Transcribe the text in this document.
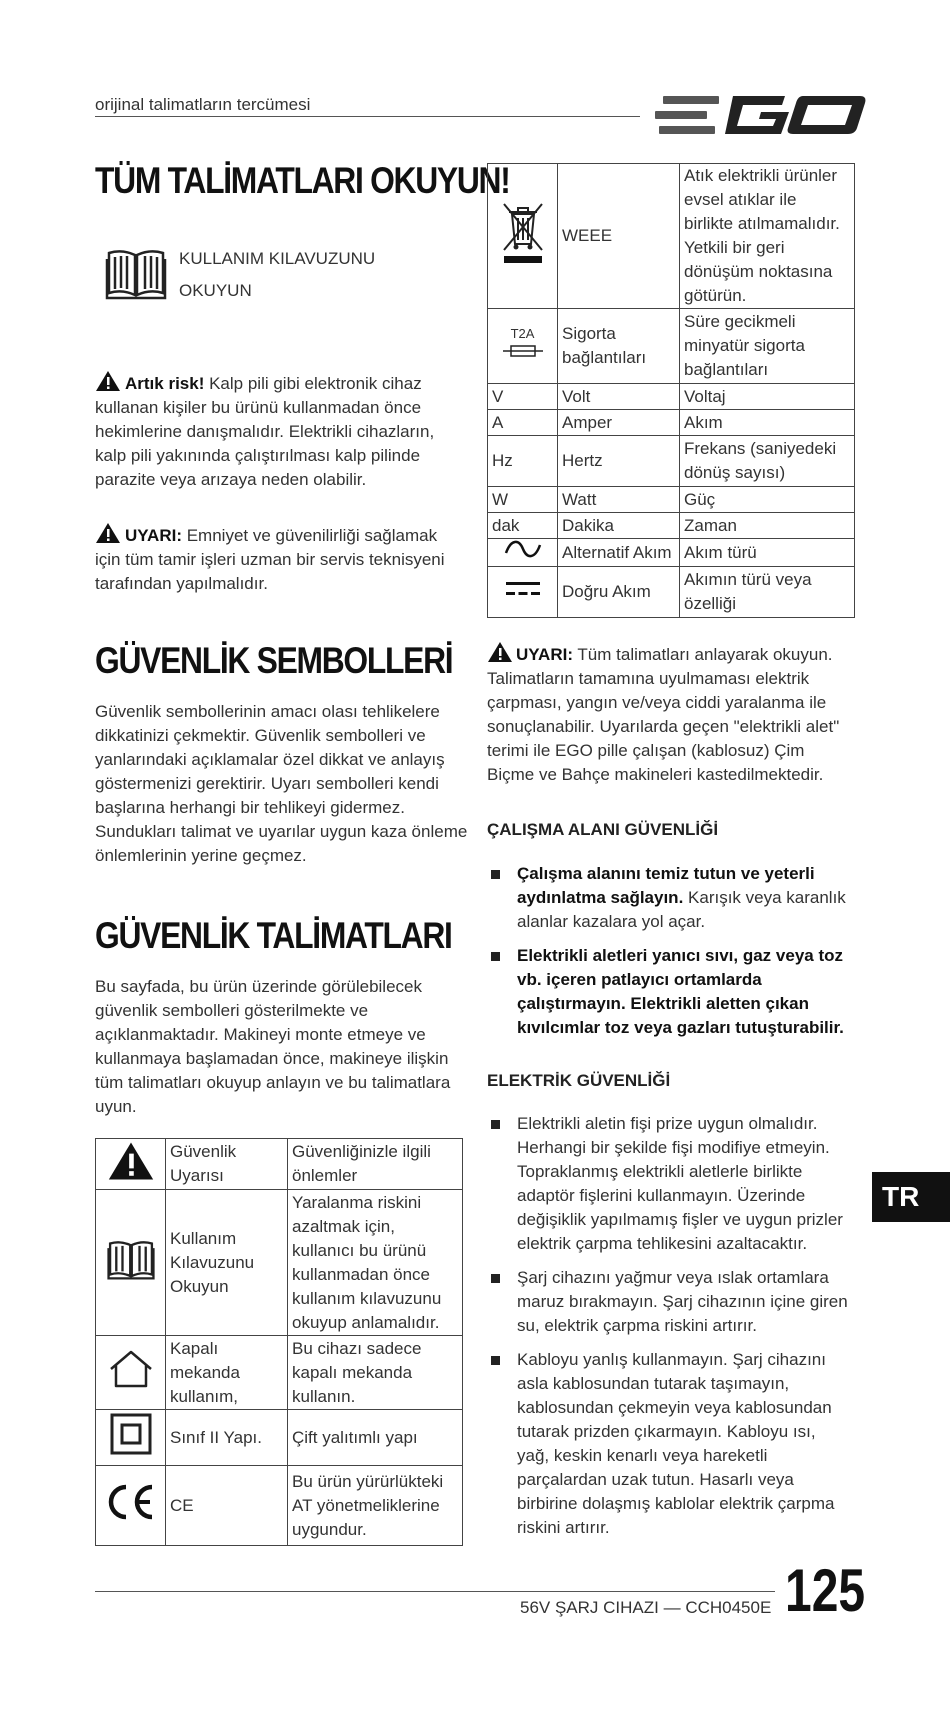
orijinal talimatların tercümesi
TÜM TALİMATLARI OKUYUN!
KULLANIM KILAVUZUNU
OKUYUN
Artık risk! Kalp pili gibi elektronik cihaz kullanan kişiler bu ürünü kullanmadan önce hekimlerine danışmalıdır. Elektrikli cihazların, kalp pili yakınında çalıştırılması kalp pilinde parazite veya arızaya neden olabilir.
UYARI: Emniyet ve güvenilirliği sağlamak için tüm tamir işleri uzman bir servis teknisyeni tarafından yapılmalıdır.
GÜVENLİK SEMBOLLERİ
Güvenlik sembollerinin amacı olası tehlikelere dikkatinizi çekmektir. Güvenlik sembolleri ve yanlarındaki açıklamalar özel dikkat ve anlayış göstermenizi gerektirir. Uyarı sembolleri kendi başlarına herhangi bir tehlikeyi gidermez. Sundukları talimat ve uyarılar uygun kaza önleme önlemlerinin yerine geçmez.
GÜVENLİK TALİMATLARI
Bu sayfada, bu ürün üzerinde görülebilecek güvenlik sembolleri gösterilmekte ve açıklanmaktadır. Makineyi monte etmeye ve kullanmaya başlamadan önce, makineye ilişkin tüm talimatları okuyup anlayın ve bu talimatlara uyun.
	Güvenlik Uyarısı	Güvenliğinizle ilgili önlemler
	Kullanım Kılavuzunu Okuyun	Yaralanma riskini azaltmak için, kullanıcı bu ürünü kullanmadan önce kullanım kılavuzunu okuyup anlamalıdır.
	Kapalı mekanda kullanım,	Bu cihazı sadece kapalı mekanda kullanın.
	Sınıf II Yapı.	Çift yalıtımlı yapı
	CE	Bu ürün yürürlükteki AT yönetmeliklerine uygundur.
	WEEE	Atık elektrikli ürünler evsel atıklar ile birlikte atılmamalıdır. Yetkili bir geri dönüşüm noktasına götürün.

T2A	Sigorta bağlantıları	Süre gecikmeli minyatür sigorta bağlantıları
V	Volt	Voltaj
A	Amper	Akım
Hz	Hertz	Frekans (saniyedeki dönüş sayısı)
W	Watt	Güç
dak	Dakika	Zaman
	Alternatif Akım	Akım türü
	Doğru Akım	Akımın türü veya özelliği
UYARI: Tüm talimatları anlayarak okuyun. Talimatların tamamına uyulmaması elektrik çarpması, yangın ve/veya ciddi yaralanma ile sonuçlanabilir. Uyarılarda geçen "elektrikli alet" terimi ile EGO pille çalışan (kablosuz) Çim Biçme ve Bahçe makineleri kastedilmektedir.
ÇALIŞMA ALANI GÜVENLİĞİ
Çalışma alanını temiz tutun ve yeterli aydınlatma sağlayın. Karışık veya karanlık alanlar kazalara yol açar.
Elektrikli aletleri yanıcı sıvı, gaz veya toz vb. içeren patlayıcı ortamlarda çalıştırmayın. Elektrikli aletten çıkan kıvılcımlar toz veya gazları tutuşturabilir.
ELEKTRİK GÜVENLİĞİ
Elektrikli aletin fişi prize uygun olmalıdır. Herhangi bir şekilde fişi modifiye etmeyin. Topraklanmış elektrikli aletlerle birlikte adaptör fişlerini kullanmayın. Üzerinde değişiklik yapılmamış fişler ve uygun prizler elektrik çarpma tehlikesini azaltacaktır.
Şarj cihazını yağmur veya ıslak ortamlara maruz bırakmayın. Şarj cihazının içine giren su, elektrik çarpma riskini artırır.
Kabloyu yanlış kullanmayın. Şarj cihazını asla kablosundan tutarak taşımayın, kablosundan çekmeyin veya kablosundan tutarak prizden çıkarmayın. Kabloyu ısı, yağ, keskin kenarlı veya hareketli parçalardan uzak tutun. Hasarlı veya birbirine dolaşmış kablolar elektrik çarpma riskini artırır.
TR
56V ŞARJ CIHAZI — CCH0450E 125
